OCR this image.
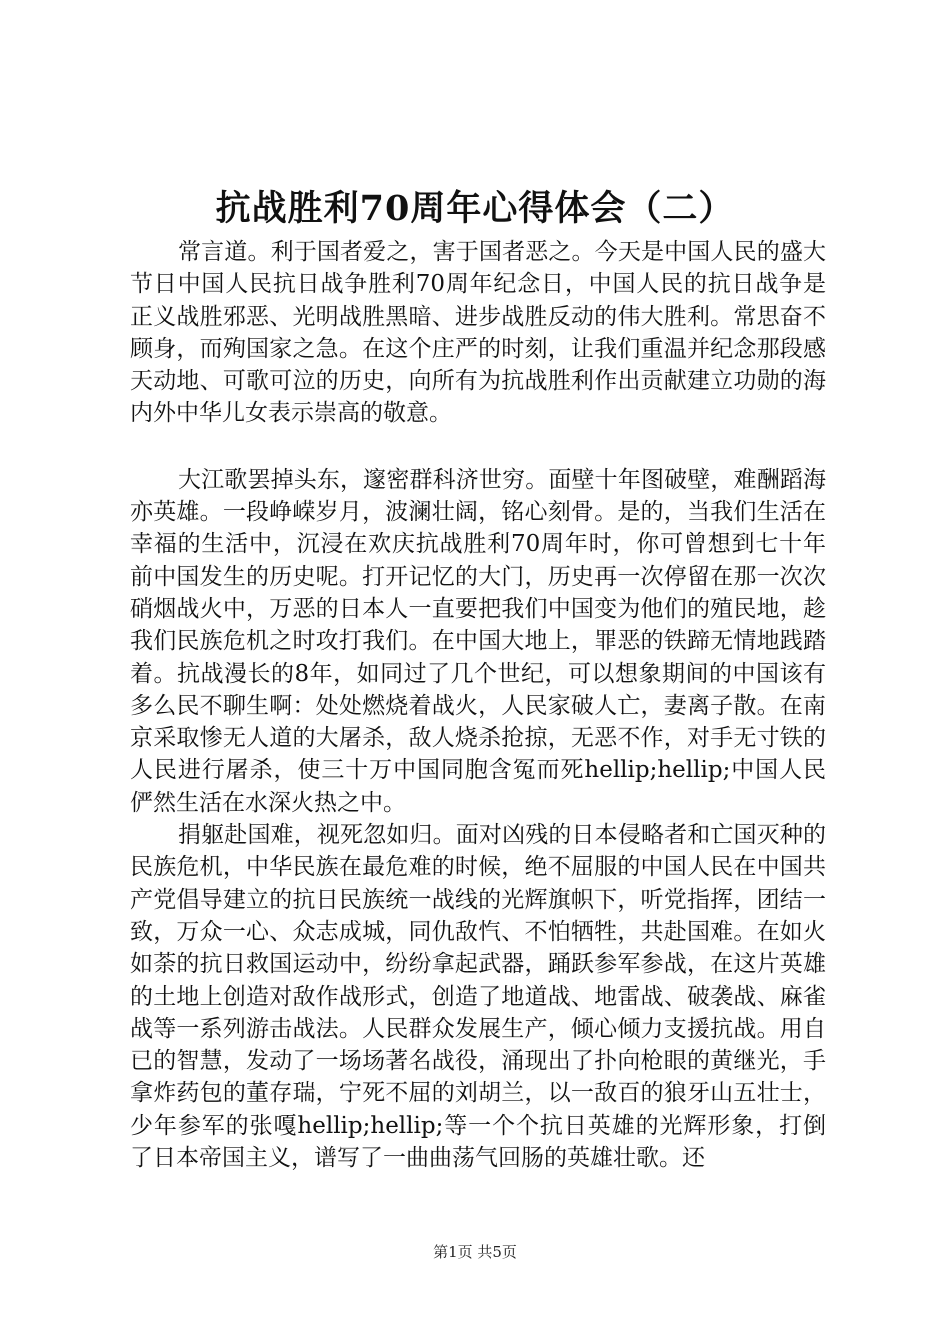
抗战胜利70周年心得体会（二）

常言道。利于国者爱之，害于国者恶之。今天是中国人民的盛大节日中国人民抗日战争胜利70周年纪念日，中国人民的抗日战争是正义战胜邪恶、光明战胜黑暗、进步战胜反动的伟大胜利。常思奋不顾身，而殉国家之急。在这个庄严的时刻，让我们重温并纪念那段感天动地、可歌可泣的历史，向所有为抗战胜利作出贡献建立功勋的海内外中华儿女表示崇高的敬意。

大江歌罢掉头东，邃密群科济世穷。面壁十年图破壁，难酬蹈海亦英雄。一段峥嵘岁月，波澜壮阔，铭心刻骨。是的，当我们生活在幸福的生活中，沉浸在欢庆抗战胜利70周年时，你可曾想到七十年前中国发生的历史呢。打开记忆的大门，历史再一次停留在那一次次硝烟战火中，万恶的日本人一直要把我们中国变为他们的殖民地，趁我们民族危机之时攻打我们。在中国大地上，罪恶的铁蹄无情地践踏着。抗战漫长的8年，如同过了几个世纪，可以想象期间的中国该有多么民不聊生啊：处处燃烧着战火，人民家破人亡，妻离子散。在南京采取惨无人道的大屠杀，敌人烧杀抢掠，无恶不作，对手无寸铁的人民进行屠杀，使三十万中国同胞含冤而死hellip;hellip;中国人民俨然生活在水深火热之中。

捐躯赴国难，视死忽如归。面对凶残的日本侵略者和亡国灭种的民族危机，中华民族在最危难的时候，绝不屈服的中国人民在中国共产党倡导建立的抗日民族统一战线的光辉旗帜下，听党指挥，团结一致，万众一心、众志成城，同仇敌忾、不怕牺牲，共赴国难。在如火如荼的抗日救国运动中，纷纷拿起武器，踊跃参军参战，在这片英雄的土地上创造对敌作战形式，创造了地道战、地雷战、破袭战、麻雀战等一系列游击战法。人民群众发展生产，倾心倾力支援抗战。用自已的智慧，发动了一场场著名战役，涌现出了扑向枪眼的黄继光，手拿炸药包的董存瑞，宁死不屈的刘胡兰，以一敌百的狼牙山五壮士，少年参军的张嘎hellip;hellip;等一个个抗日英雄的光辉形象，打倒了日本帝国主义，谱写了一曲曲荡气回肠的英雄壮歌。还

第1页 共5页
